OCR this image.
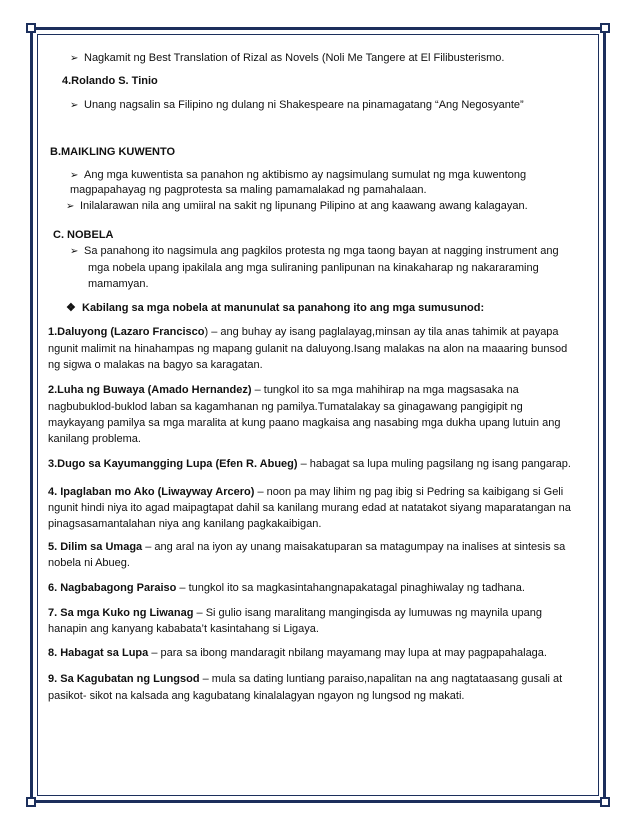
➢ Nagkamit ng Best Translation of Rizal as Novels (Noli Me Tangere at El Filibusterismo.
4.Rolando S. Tinio
➢ Unang nagsalin sa Filipino ng dulang ni Shakespeare na pinamagatang “Ang Negosyante”
B.MAIKLING KUWENTO
➢ Ang mga kuwentista sa panahon ng aktibismo ay nagsimulang sumulat ng mga kuwentong
magpapahayag ng pagprotesta sa maling pamamalakad ng pamahalaan.
➢ Inilalarawan nila ang umiiral na sakit ng lipunang Pilipino at ang kaawang awang kalagayan.
C. NOBELA
➢ Sa panahong ito nagsimula ang pagkilos protesta ng mga taong bayan at nagging instrument ang
mga nobela upang ipakilala ang mga suliraning panlipunan na kinakaharap ng nakararaming
mamamyan.
❖ Kabilang sa mga nobela at manunulat sa panahong ito ang mga sumusunod:
1.Daluyong (Lazaro Francisco) – ang buhay ay isang paglalayag,minsan ay tila anas tahimik at payapa
ngunit malimit na hinahampas ng mapang gulanit na daluyong.Isang malakas na alon na maaaring bunsod
ng sigwa o malakas na bagyo sa karagatan.
2.Luha ng Buwaya (Amado Hernandez) – tungkol ito sa mga mahihirap na mga magsasaka na
nagbubuklod-buklod laban sa kagamhanan ng pamilya.Tumatalakay sa ginagawang pangigipit ng
maykayang pamilya sa mga maralita at kung paano magkaisa ang nasabing mga dukha upang lutuin ang
kanilang problema.
3.Dugo sa Kayumangging Lupa (Efen R. Abueg) – habagat sa lupa muling pagsilang ng isang pangarap.
4. Ipaglaban mo Ako (Liwayway Arcero) – noon pa may lihim ng pag ibig si Pedring sa kaibigang si Geli
ngunit hindi niya ito agad maipagtapat dahil sa kanilang murang edad at natatakot siyang maparatangan na
pinagsasamantalahan niya ang kanilang pagkakaibigan.
5. Dilim sa Umaga – ang aral na iyon ay unang maisakatuparan sa matagumpay na inalises at sintesis sa
nobela ni Abueg.
6. Nagbabagong Paraiso – tungkol ito sa magkasintahangnapakatagal pinaghiwalay ng tadhana.
7. Sa mga Kuko ng Liwanag – Si gulio isang maralitang mangingisda ay lumuwas ng maynila upang
hanapin ang kanyang kababata’t kasintahang si Ligaya.
8. Habagat sa Lupa – para sa ibong mandaragit nbilang mayamang may lupa at may pagpapahalaga.
9. Sa Kagubatan ng Lungsod – mula sa dating luntiang paraiso,napalitan na ang nagtataasang gusali at
pasikot- sikot na kalsada ang kagubatang kinalalagyan ngayon ng lungsod ng makati.
